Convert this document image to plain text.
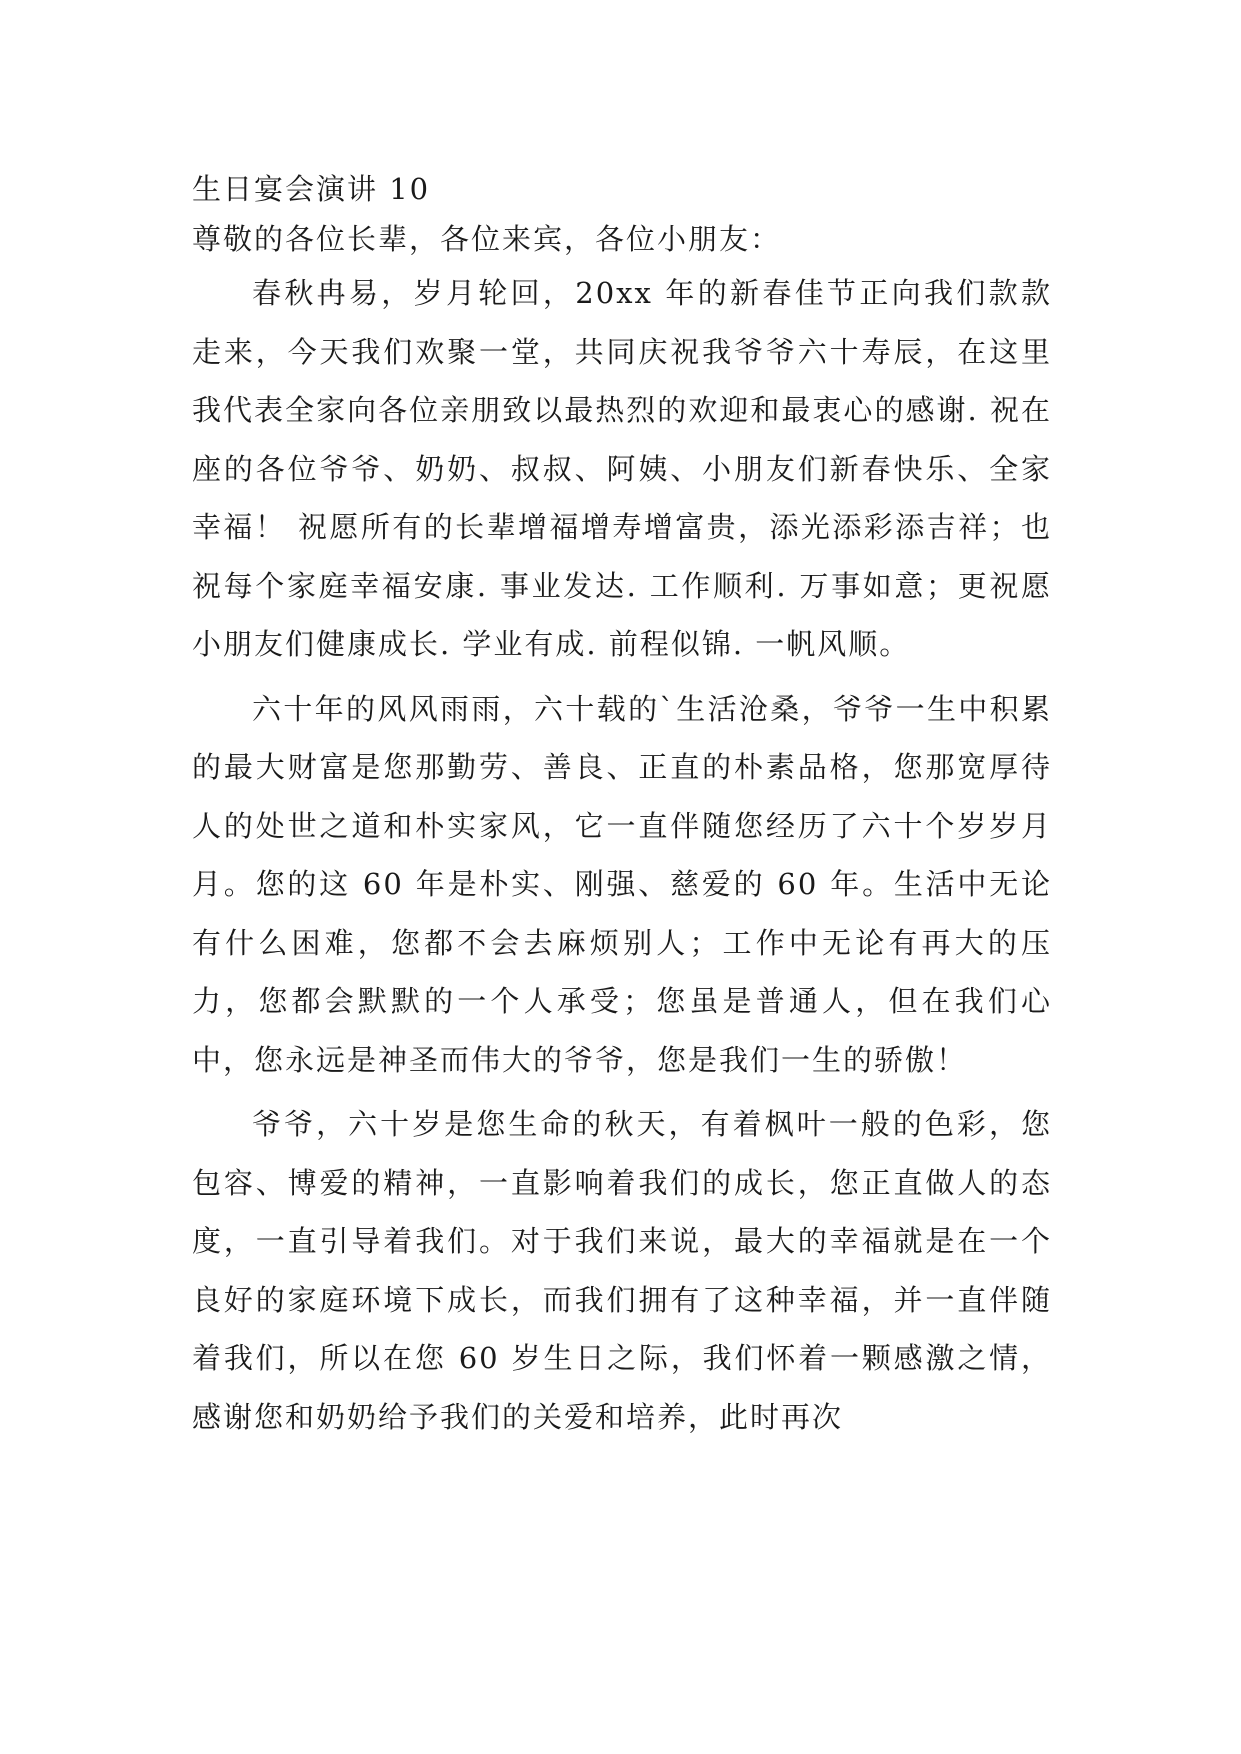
生日宴会演讲 10

尊敬的各位长辈，各位来宾，各位小朋友：

春秋冉易，岁月轮回，20xx 年的新春佳节正向我们款款走来，今天我们欢聚一堂，共同庆祝我爷爷六十寿辰，在这里我代表全家向各位亲朋致以最热烈的欢迎和最衷心的感谢. 祝在座的各位爷爷、奶奶、叔叔、阿姨、小朋友们新春快乐、全家幸福！ 祝愿所有的长辈增福增寿增富贵，添光添彩添吉祥；也祝每个家庭幸福安康. 事业发达. 工作顺利. 万事如意；更祝愿小朋友们健康成长. 学业有成. 前程似锦. 一帆风顺。

六十年的风风雨雨，六十载的`生活沧桑，爷爷一生中积累的最大财富是您那勤劳、善良、正直的朴素品格，您那宽厚待人的处世之道和朴实家风，它一直伴随您经历了六十个岁岁月月。您的这 60 年是朴实、刚强、慈爱的 60 年。生活中无论有什么困难，您都不会去麻烦别人；工作中无论有再大的压力，您都会默默的一个人承受；您虽是普通人，但在我们心中，您永远是神圣而伟大的爷爷，您是我们一生的骄傲！

爷爷，六十岁是您生命的秋天，有着枫叶一般的色彩，您包容、博爱的精神，一直影响着我们的成长，您正直做人的态度，一直引导着我们。对于我们来说，最大的幸福就是在一个良好的家庭环境下成长，而我们拥有了这种幸福，并一直伴随着我们，所以在您 60 岁生日之际，我们怀着一颗感激之情，感谢您和奶奶给予我们的关爱和培养，此时再次
